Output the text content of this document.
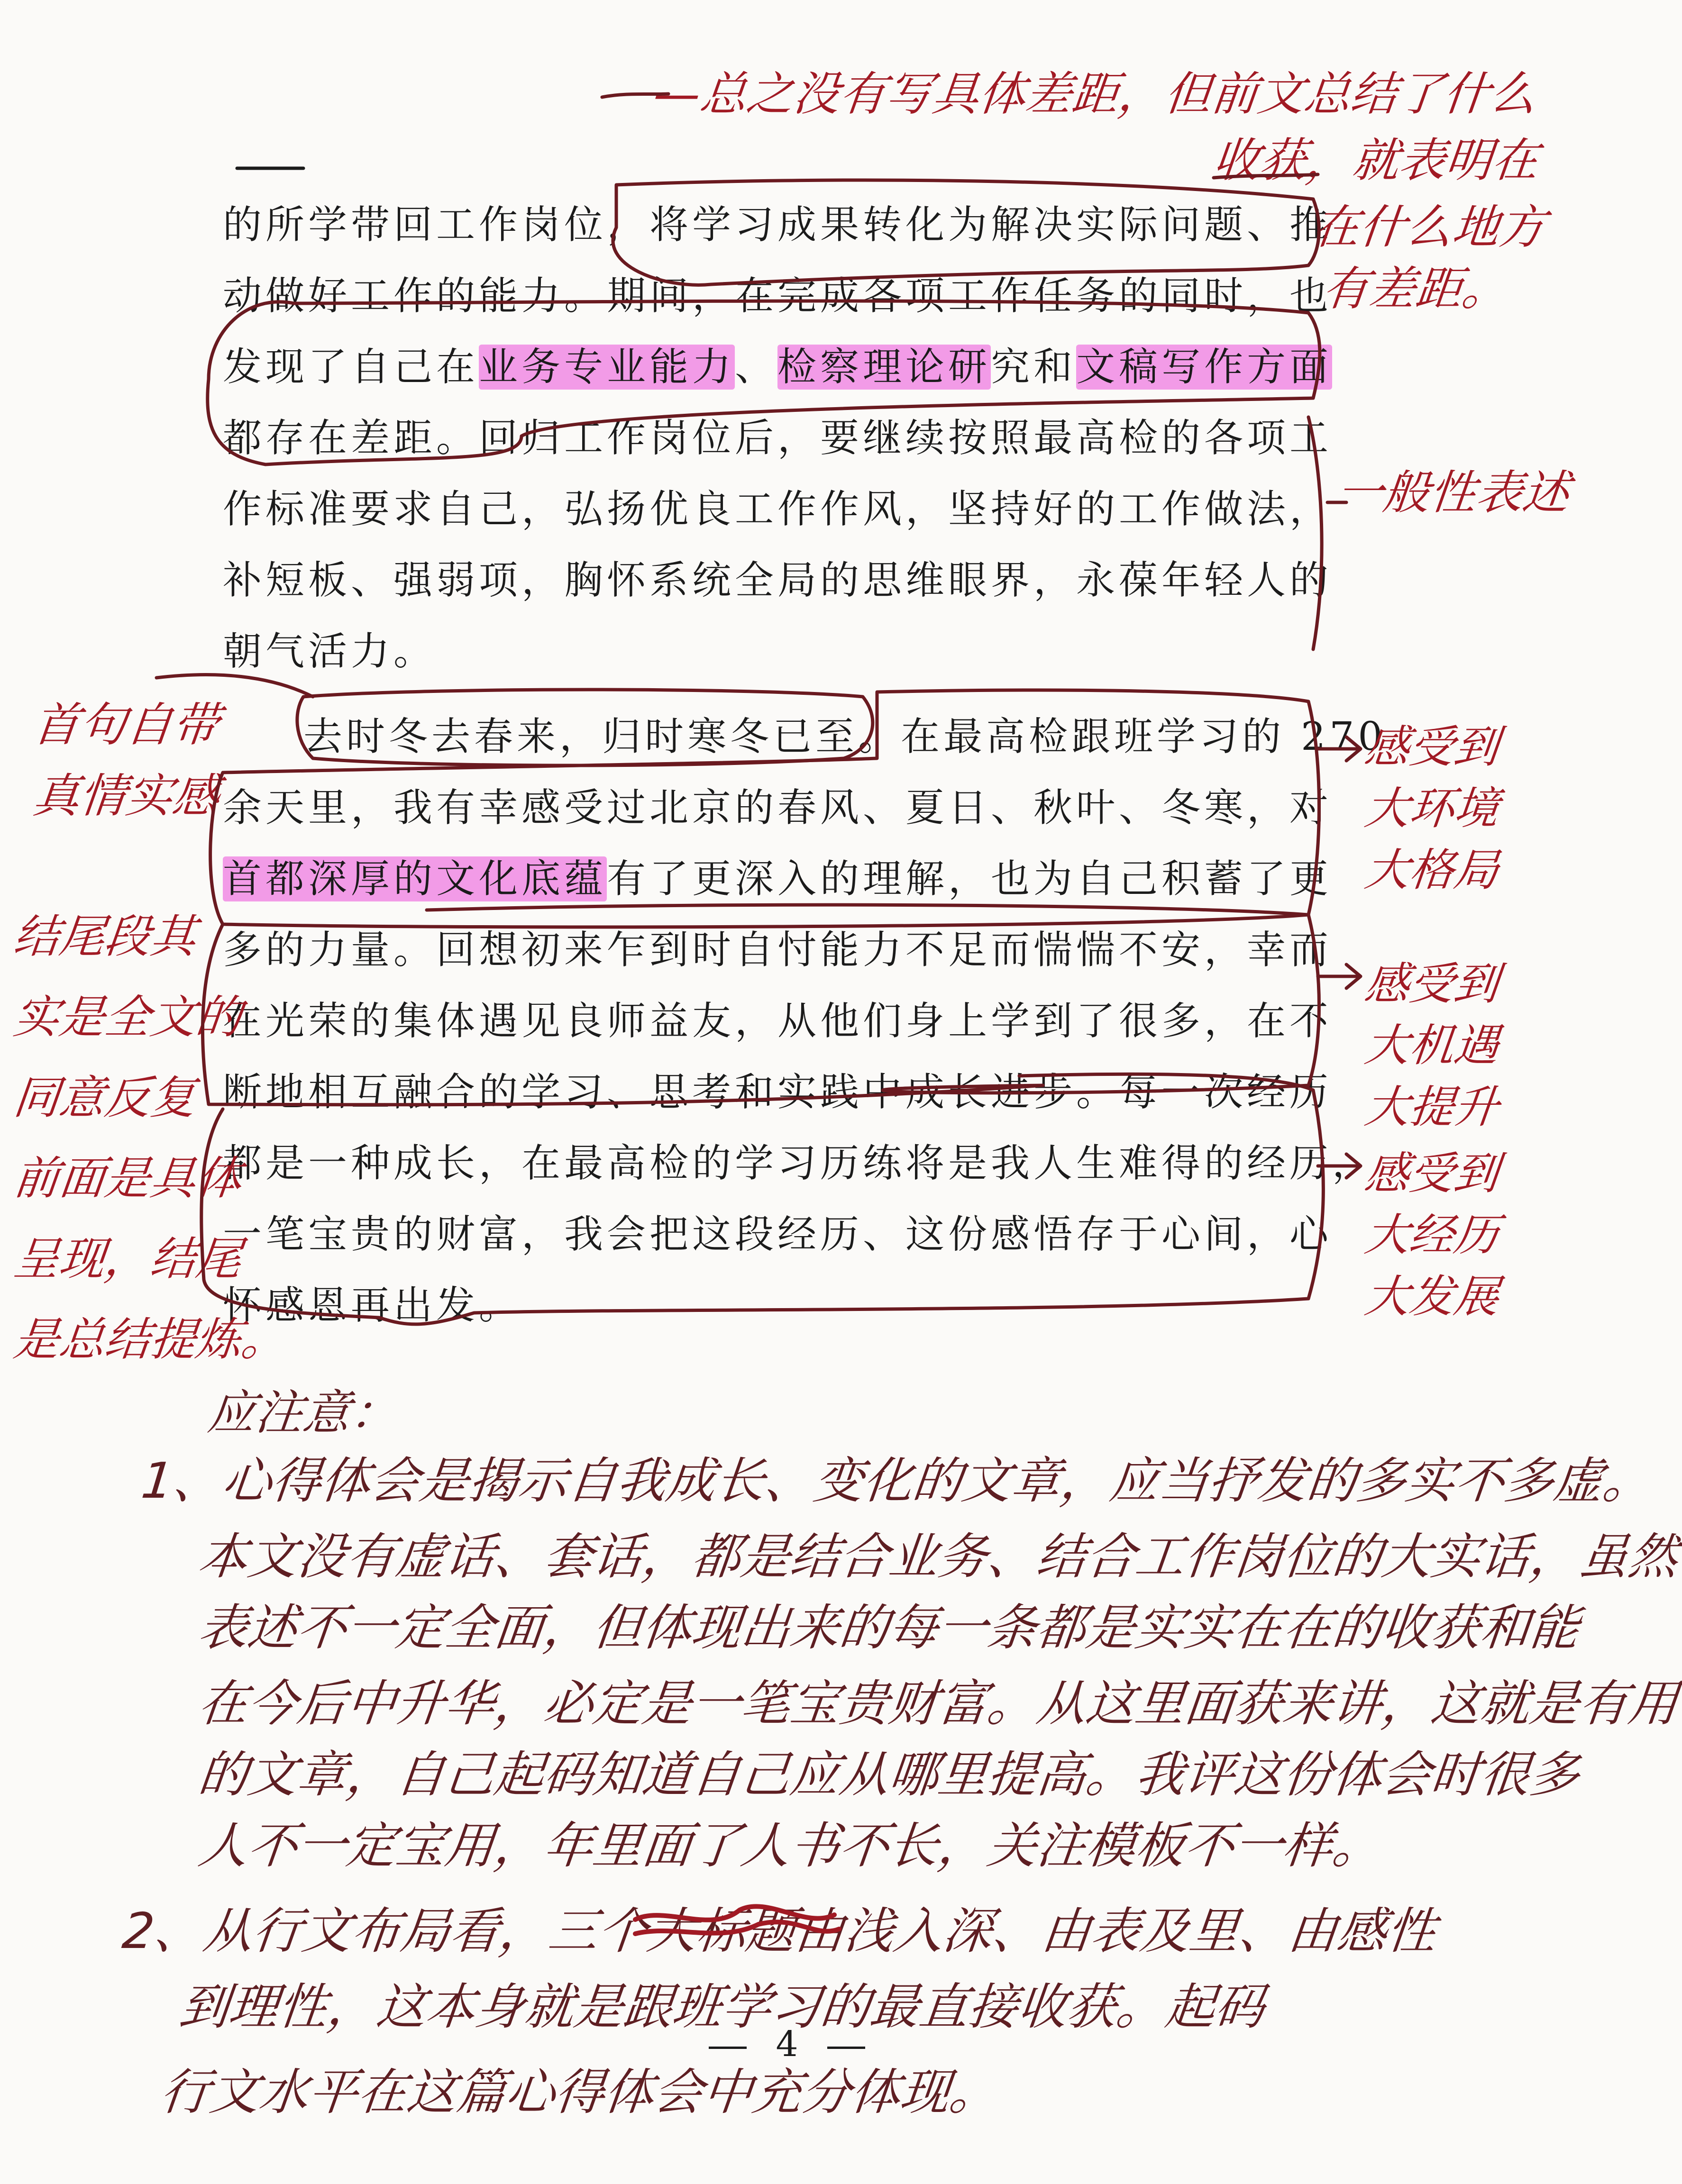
的所学带回工作岗位，将学习成果转化为解决实际问题、推
动做好工作的能力。期间，在完成各项工作任务的同时，也
发现了自己在业务专业能力、检察理论研究和文稿写作方面
都存在差距。回归工作岗位后，要继续按照最高检的各项工
作标准要求自己，弘扬优良工作作风，坚持好的工作做法，
补短板、强弱项，胸怀系统全局的思维眼界，永葆年轻人的
朝气活力。
去时冬去春来，归时寒冬已至。在最高检跟班学习的 270
余天里，我有幸感受过北京的春风、夏日、秋叶、冬寒，对
首都深厚的文化底蕴有了更深入的理解，也为自己积蓄了更
多的力量。回想初来乍到时自忖能力不足而惴惴不安，幸而
在光荣的集体遇见良师益友，从他们身上学到了很多，在不
断地相互融合的学习、思考和实践中成长进步。每一次经历
都是一种成长，在最高检的学习历练将是我人生难得的经历，
一笔宝贵的财富，我会把这段经历、这份感悟存于心间，心
怀感恩再出发。
4
—总之没有写具体差距，但前文总结了什么
收获，就表明在
在什么地方
有差距。
一般性表述
首句自带
真情实感
结尾段其
实是全文的
同意反复
前面是具体
呈现，结尾
是总结提炼。
感受到
大环境
大格局
感受到
大机遇
大提升
感受到
大经历
大发展
应注意：
1、心得体会是揭示自我成长、变化的文章，应当抒发的多实不多虚。
本文没有虚话、套话，都是结合业务、结合工作岗位的大实话，虽然
表述不一定全面，但体现出来的每一条都是实实在在的收获和能
在今后中升华，必定是一笔宝贵财富。从这里面获来讲，这就是有用
的文章，自己起码知道自己应从哪里提高。我评这份体会时很多
人不一定宝用，年里面了人书不长，关注模板不一样。
2、从行文布局看，三个大标题由浅入深、由表及里、由感性
到理性，这本身就是跟班学习的最直接收获。起码
行文水平在这篇心得体会中充分体现。
